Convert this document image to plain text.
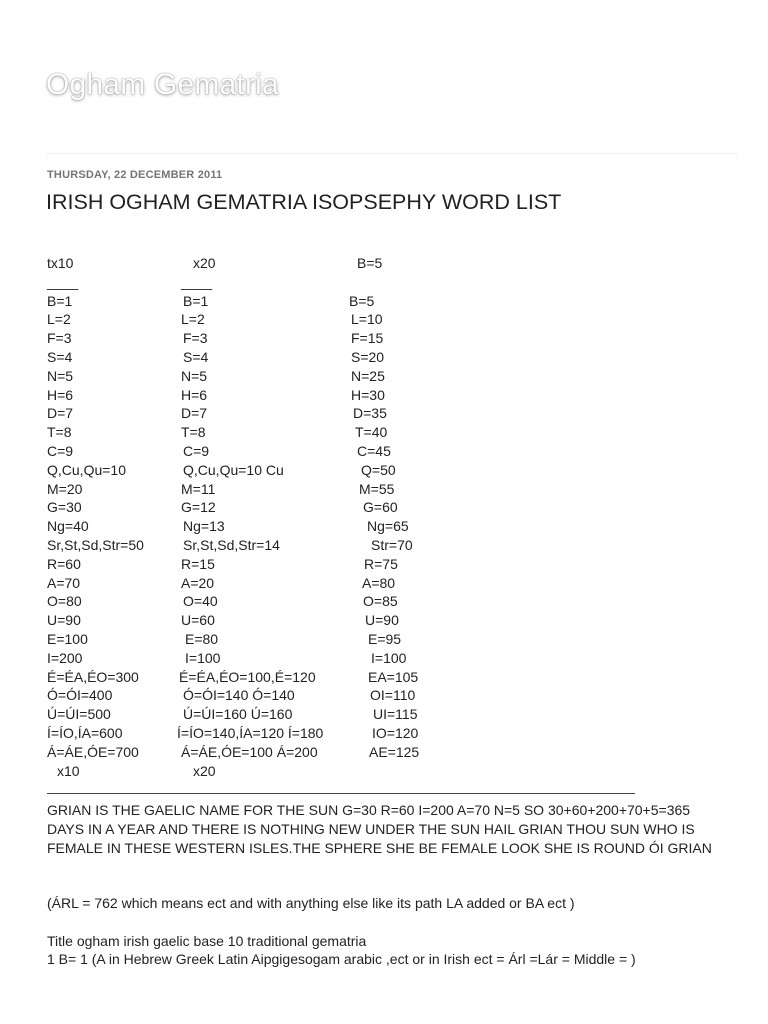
Ogham Gematria
THURSDAY, 22 DECEMBER 2011
IRISH OGHAM GEMATRIA ISOPSEPHY WORD LIST
tx10	x20	B=5
____	____
B=1	B=1	B=5
L=2	L=2	L=10
F=3	F=3	F=15
S=4	S=4	S=20
N=5	N=5	N=25
H=6	H=6	H=30
D=7	D=7	D=35
T=8	T=8	T=40
C=9	C=9	C=45
Q,Cu,Qu=10	Q,Cu,Qu=10 Cu	Q=50
M=20	M=11	M=55
G=30	G=12	G=60
Ng=40	Ng=13	Ng=65
Sr,St,Sd,Str=50	Sr,St,Sd,Str=14	Str=70
R=60	R=15	R=75
A=70	A=20	A=80
O=80	O=40	O=85
U=90	U=60	U=90
E=100	E=80	E=95
I=200	I=100	I=100
É=ÉA,ÉO=300	É=ÉA,ÉO=100,É=120	EA=105
Ó=ÓI=400	Ó=ÓI=140 Ó=140	OI=110
Ú=ÚI=500	Ú=ÚI=160 Ú=160	UI=115
Í=ÍO,ÍA=600	Í=ÍO=140,ÍA=120 Í=180	IO=120
Á=ÁE,ÓE=700	Á=ÁE,ÓE=100 Á=200	AE=125
x10	x20

GRIAN IS THE GAELIC NAME FOR THE SUN G=30 R=60 I=200 A=70 N=5 SO 30+60+200+70+5=365
DAYS IN A YEAR AND THERE IS NOTHING NEW UNDER THE SUN HAIL GRIAN THOU SUN WHO IS
FEMALE IN THESE WESTERN ISLES.THE SPHERE SHE BE FEMALE LOOK SHE IS ROUND ÓI GRIAN

(ÁRL = 762 which means ect and with anything else like its path LA added or BA ect )

Title ogham irish gaelic base 10 traditional gematria

1 B= 1 (A in Hebrew Greek Latin Aipgigesogam arabic ,ect or in Irish ect = Árl =Lár = Middle = )
